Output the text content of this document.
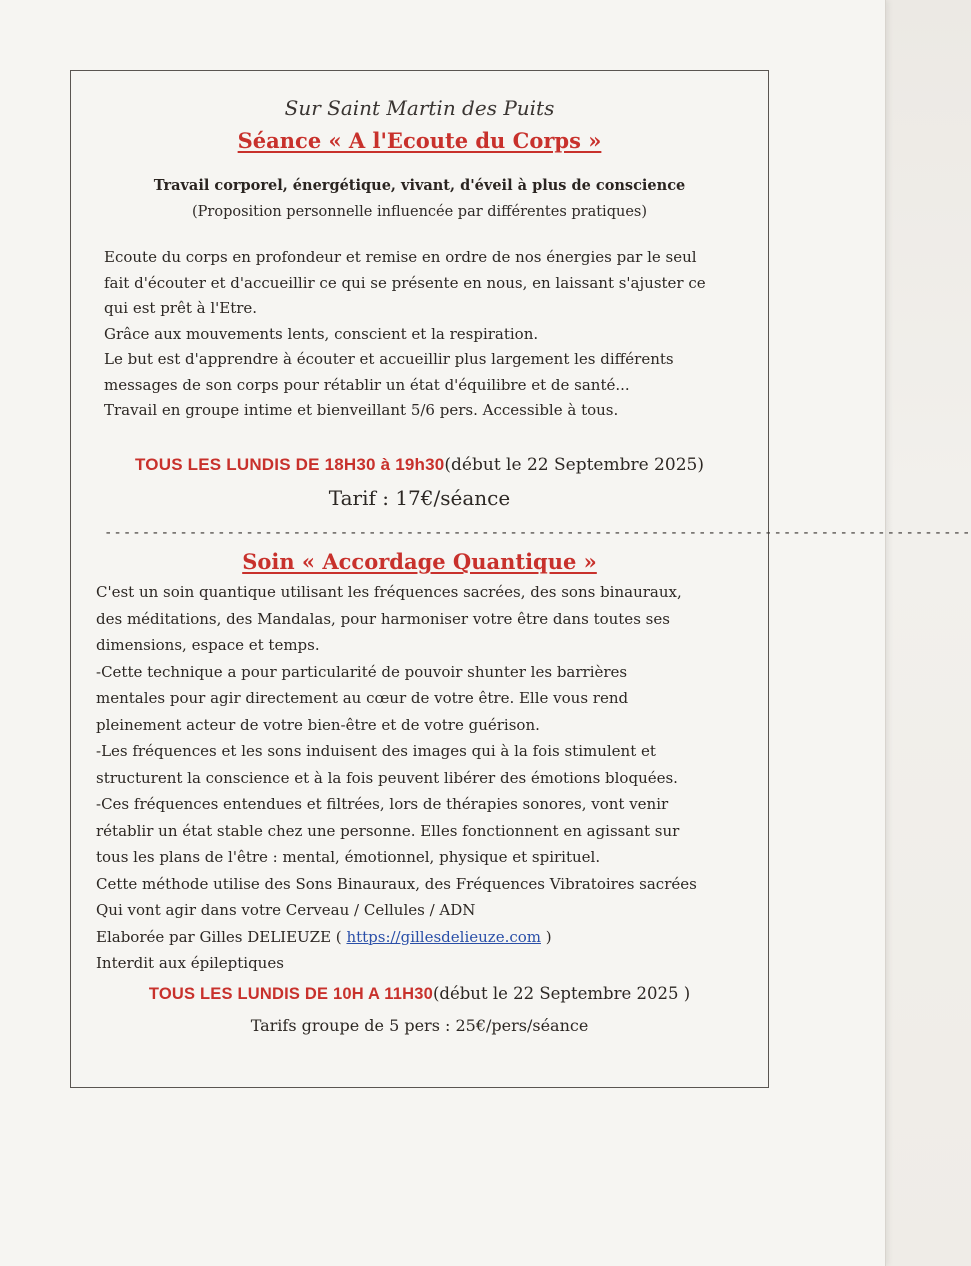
Sur Saint Martin des Puits
Séance « A l'Ecoute du Corps »
Travail corporel, énergétique, vivant, d'éveil à plus de conscience
(Proposition personnelle influencée par différentes pratiques)
Ecoute du corps en profondeur et remise en ordre de nos énergies par le seul
fait d'écouter et d'accueillir ce qui se présente en nous, en laissant s'ajuster ce
qui est prêt à l'Etre.
Grâce aux mouvements lents, conscient et la respiration.
Le but est d'apprendre à écouter et accueillir plus largement les différents
messages de son corps pour rétablir un état d'équilibre et de santé...
Travail en groupe intime et bienveillant 5/6 pers. Accessible à tous.
TOUS LES LUNDIS DE 18H30 à 19h30(début le 22 Septembre 2025)
Tarif : 17€/séance
--------------------------------------------------------------------------------------------
Soin « Accordage Quantique »
C'est un soin quantique utilisant les fréquences sacrées, des sons binauraux,
des méditations, des Mandalas, pour harmoniser votre être dans toutes ses
dimensions, espace et temps.
-Cette technique a pour particularité de pouvoir shunter les barrières
mentales pour agir directement au cœur de votre être. Elle vous rend
pleinement acteur de votre bien-être et de votre guérison.
-Les fréquences et les sons induisent des images qui à la fois stimulent et
structurent la conscience et à la fois peuvent libérer des émotions bloquées.
-Ces fréquences entendues et filtrées, lors de thérapies sonores, vont venir
rétablir un état stable chez une personne. Elles fonctionnent en agissant sur
tous les plans de l'être : mental, émotionnel, physique et spirituel.
Cette méthode utilise des Sons Binauraux, des Fréquences Vibratoires sacrées
Qui vont agir dans votre Cerveau / Cellules / ADN
Elaborée par Gilles DELIEUZE ( https://gillesdelieuze.com )
Interdit aux épileptiques
TOUS LES LUNDIS DE 10H A 11H30(début le 22 Septembre 2025 )
Tarifs groupe de 5 pers : 25€/pers/séance
